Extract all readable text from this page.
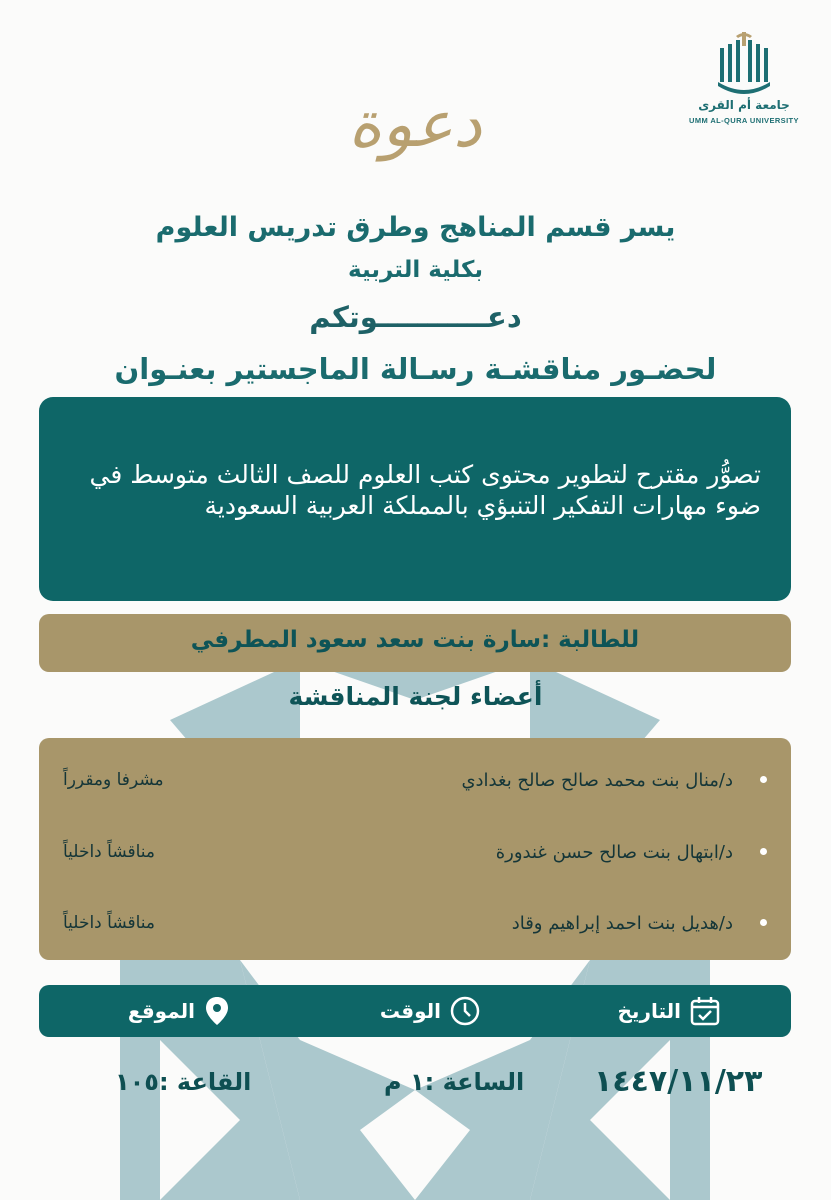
جامعة أم القرى
UMM AL-QURA UNIVERSITY
دعوة
يسر قسم المناهج وطرق تدريس العلوم
بكلية التربية
دعـــــــــــوتكم
لحضـور مناقشـة رسـالة الماجستير بعنـوان
تصوُّر مقترح لتطوير محتوى كتب العلوم للصف الثالث متوسط في ضوء مهارات التفكير التنبؤي بالمملكة العربية السعودية
للطالبة :سارة بنت سعد سعود المطرفي
أعضاء لجنة المناقشة
د/منال بنت محمد صالح صالح بغدادي
مشرفا ومقرراً
د/ابتهال بنت صالح حسن غندورة
مناقشاً داخلياً
د/هديل بنت احمد إبراهيم وقاد
مناقشاً داخلياً
التاريخ
الوقت
الموقع
١٤٤٧/١١/٢٣
الساعة :١ م
القاعة :١٠٥
